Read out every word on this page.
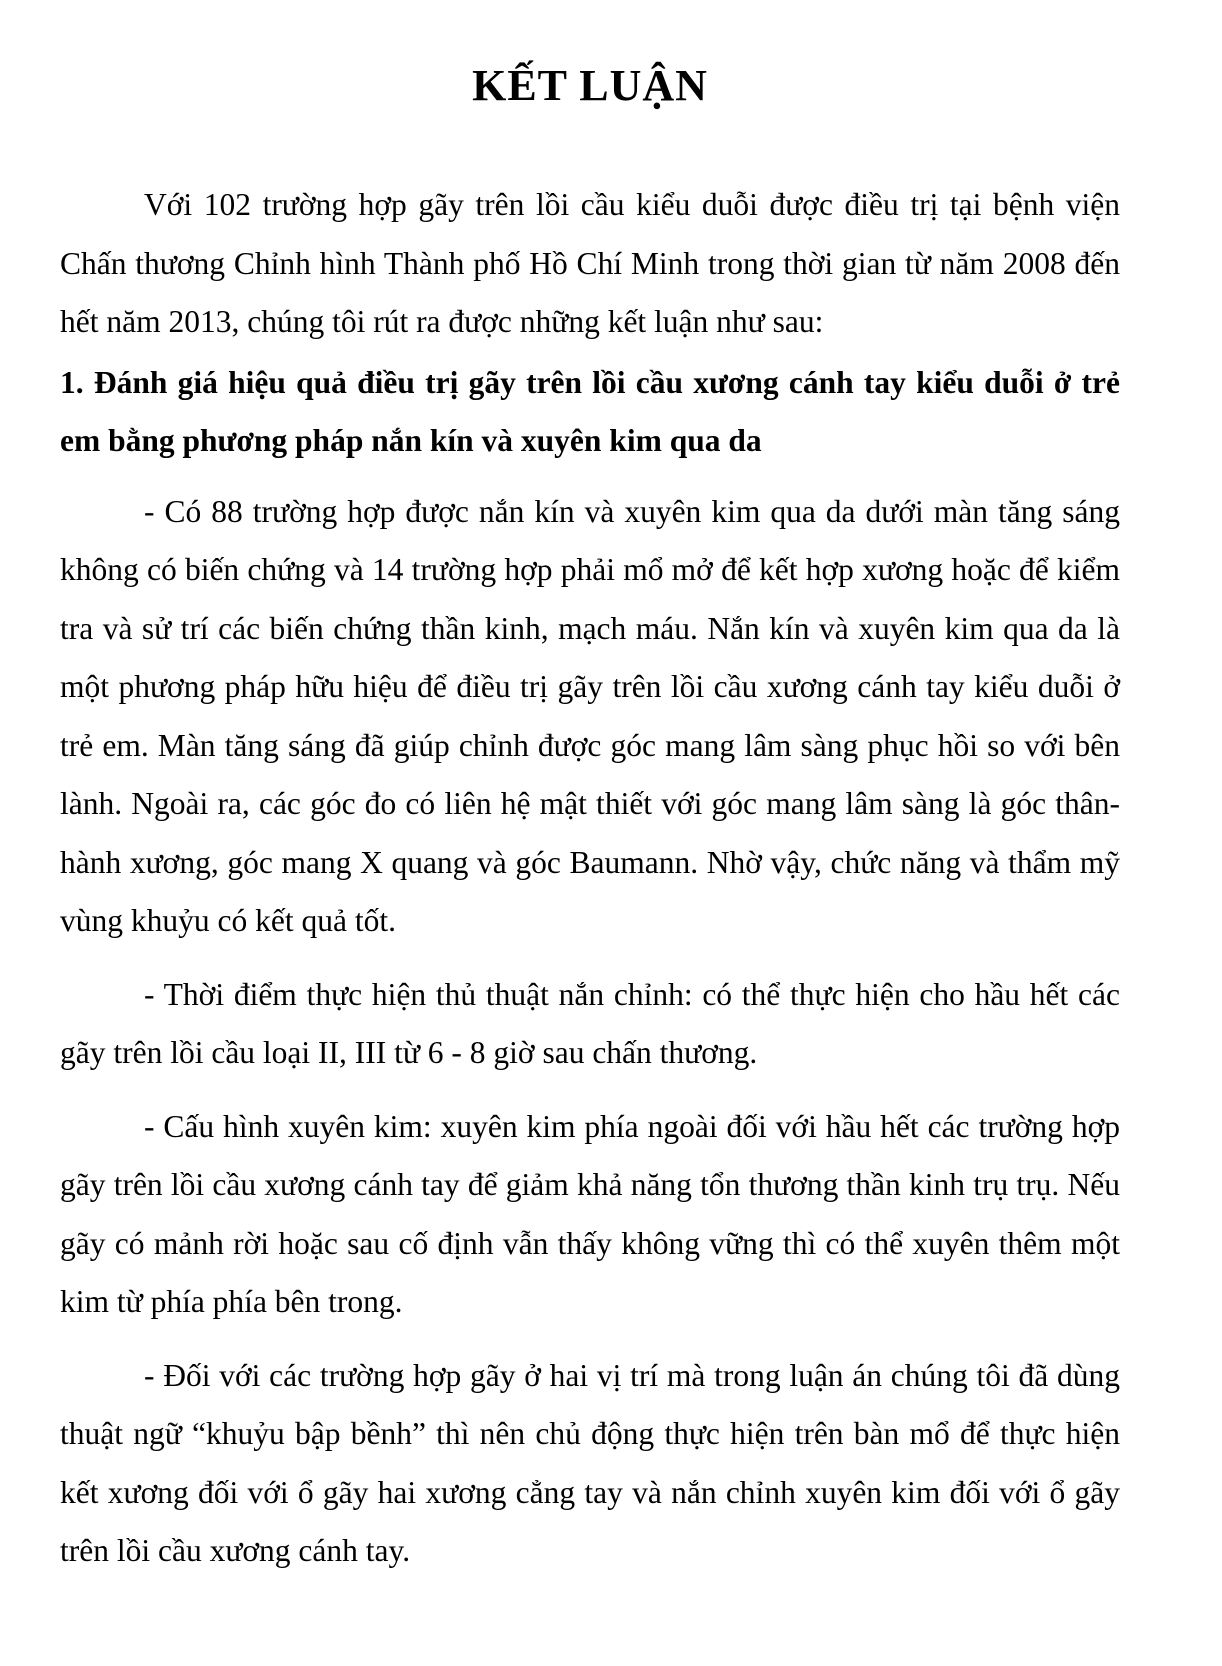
KẾT LUẬN

Với 102 trường hợp gãy trên lồi cầu kiểu duỗi được điều trị tại bệnh viện Chấn thương Chỉnh hình Thành phố Hồ Chí Minh trong thời gian từ năm 2008 đến hết năm 2013, chúng tôi rút ra được những kết luận như sau:

1. Đánh giá hiệu quả điều trị gãy trên lồi cầu xương cánh tay kiểu duỗi ở trẻ em bằng phương pháp nắn kín và xuyên kim qua da

- Có 88 trường hợp được nắn kín và xuyên kim qua da dưới màn tăng sáng không có biến chứng và 14 trường hợp phải mổ mở để kết hợp xương hoặc để kiểm tra và sử trí các biến chứng thần kinh, mạch máu. Nắn kín và xuyên kim qua da là một phương pháp hữu hiệu để điều trị gãy trên lồi cầu xương cánh tay kiểu duỗi ở trẻ em. Màn tăng sáng đã giúp chỉnh được góc mang lâm sàng phục hồi so với bên lành. Ngoài ra, các góc đo có liên hệ mật thiết với góc mang lâm sàng là góc thân-hành xương, góc mang X quang và góc Baumann. Nhờ vậy, chức năng và thẩm mỹ vùng khuỷu có kết quả tốt.

- Thời điểm thực hiện thủ thuật nắn chỉnh: có thể thực hiện cho hầu hết các gãy trên lồi cầu loại II, III từ 6 - 8 giờ sau chấn thương.

- Cấu hình xuyên kim: xuyên kim phía ngoài đối với hầu hết các trường hợp gãy trên lồi cầu xương cánh tay để giảm khả năng tổn thương thần kinh trụ trụ. Nếu gãy có mảnh rời hoặc sau cố định vẫn thấy không vững thì có thể xuyên thêm một kim từ phía phía bên trong.

- Đối với các trường hợp gãy ở hai vị trí mà trong luận án chúng tôi đã dùng thuật ngữ “khuỷu bập bềnh” thì nên chủ động thực hiện trên bàn mổ để thực hiện kết xương đối với ổ gãy hai xương cẳng tay và nắn chỉnh xuyên kim đối với ổ gãy trên lồi cầu xương cánh tay.
